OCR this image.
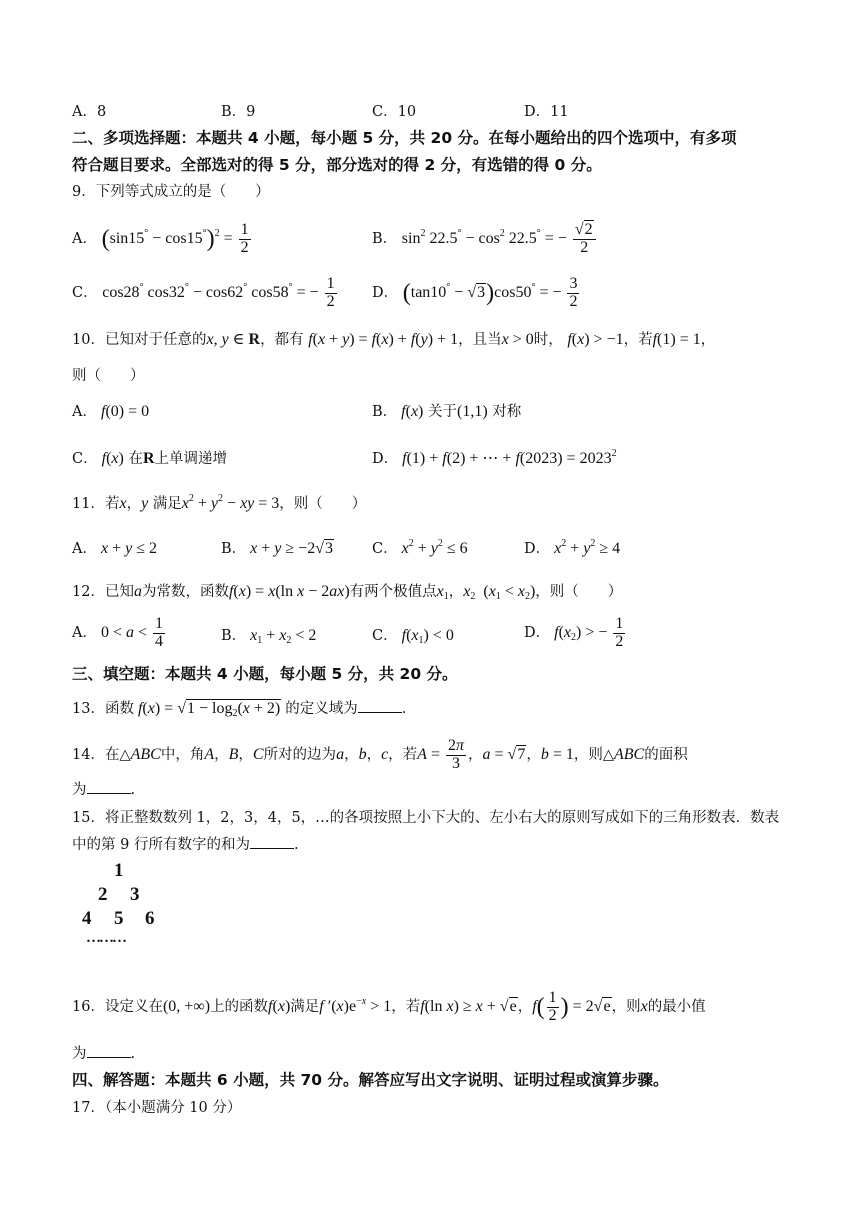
A．8	B．9	C．10	D．11
二、多项选择题：本题共 4 小题，每小题 5 分，共 20 分。在每小题给出的四个选项中，有多项
符合题目要求。全部选对的得 5 分，部分选对的得 2 分，有选错的得 0 分。
9．下列等式成立的是（　　）
A． $(\sin 15^\circ - \cos 15^\circ)^2 = \frac{1}{2}$	B． $\sin^2 22.5^\circ - \cos^2 22.5^\circ$ = − $\frac{√2}{2}$
C． cos28° cos32° − cos62° cos58° = − $\frac{1}{2}$ D． (tan10° − √3)cos50° = − $\frac{3}{2}$
10．已知对于任意的x, y ∈ R，都有 f(x + y) = f(x) + f(y) + 1，且当x > 0时， f(x) > −1，若f(1) = 1，
则（　　）
A． f(0) = 0	B． f(x) 关于(1,1) 对称
C． f(x) 在R上单调递增	D． f(1) + f(2) + ⋯ + $f(2023) = 2023^2$
11．若x，y 满足$x^2 + y^2$ − xy = 3，则（　　）
A． x + y ≤ 2	B． x + y ≥ −2√3	C． $x^2 + y^2 \le 6$	D． $x^2 + y^2 \ge 4$
12．已知a为常数，函数f(x) = x(ln x − 2ax)有两个极值点$x_1$，$x_2$  $(x_1 < x_2)$，则（　　）
A． $0 < a < \frac{1}{4}$	B． $x_1 + x_2 < 2$	C． $f(x_1) < 0$	D． $f(x_2)$ > − $\frac{1}{2}$
三、填空题：本题共 4 小题，每小题 5 分，共 20 分。
13．函数 $f(x) = √1 - \log_2(x + 2)$ 的定义域为	.
14．在△ABC中，角A，B，C所对的边为a，b，c，若$A = \frac{2\pi}{3}$ ，a = √7，b = 1，则△ABC的面积
为	.
15．将正整数数列 1，2，3，4，5，…的各项按照上小下大的、左小右大的原则写成如下的三角形数表．数表
中的第 9 行所有数字的和为	.
1
2 3
4 5 6
………
16．设定义在(0, +∞)上的函数f(x)满足f $'(x)e^{-x} > 1$，若f(ln x) ≥ x + √e，$f( \frac{1}{2}$ ) = 2√e，则x的最小值
为	.
四、解答题：本题共 6 小题，共 70 分。解答应写出文字说明、证明过程或演算步骤。
17．（本小题满分 10 分）
